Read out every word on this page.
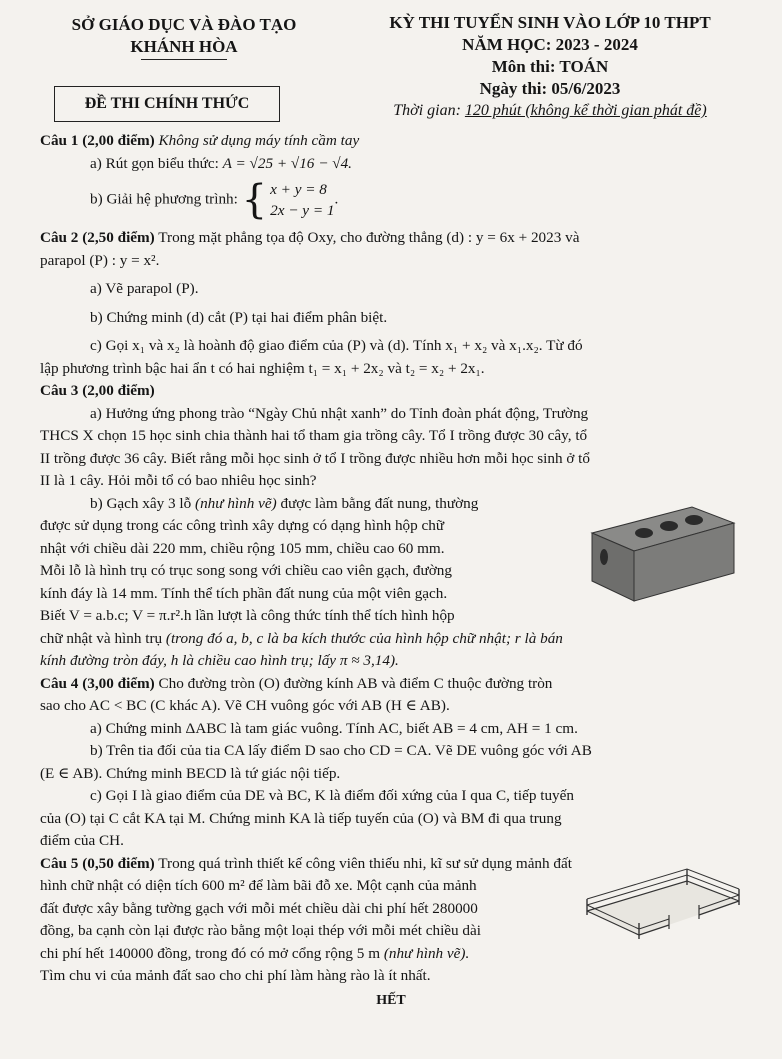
SỞ GIÁO DỤC VÀ ĐÀO TẠO
KHÁNH HÒA
ĐỀ THI CHÍNH THỨC
KỲ THI TUYỂN SINH VÀO LỚP 10 THPT
NĂM HỌC: 2023 - 2024
Môn thi: TOÁN
Ngày thi: 05/6/2023
Thời gian: 120 phút (không kể thời gian phát đề)

Câu 1 (2,00 điểm) Không sử dụng máy tính cầm tay

a) Rút gọn biểu thức: A = √25 + √16 − √4.

b) Giải hệ phương trình: { x + y = 8
2x − y = 1
.

Câu 2 (2,50 điểm) Trong mặt phẳng tọa độ Oxy, cho đường thẳng (d) : y = 6x + 2023 và

parapol (P) : y = x².

a) Vẽ parapol (P).

b) Chứng minh (d) cắt (P) tại hai điểm phân biệt.

c) Gọi x₁ và x₂ là hoành độ giao điểm của (P) và (d). Tính x₁ + x₂ và x₁.x₂. Từ đó

lập phương trình bậc hai ẩn t có hai nghiệm t₁ = x₁ + 2x₂ và t₂ = x₂ + 2x₁.

Câu 3 (2,00 điểm)

a) Hưởng ứng phong trào “Ngày Chủ nhật xanh” do Tỉnh đoàn phát động, Trường

THCS X chọn 15 học sinh chia thành hai tổ tham gia trồng cây. Tổ I trồng được 30 cây, tổ

II trồng được 36 cây. Biết rằng mỗi học sinh ở tổ I trồng được nhiều hơn mỗi học sinh ở tổ

II là 1 cây. Hỏi mỗi tổ có bao nhiêu học sinh?

b) Gạch xây 3 lỗ (như hình vẽ) được làm bằng đất nung, thường

được sử dụng trong các công trình xây dựng có dạng hình hộp chữ

nhật với chiều dài 220 mm, chiều rộng 105 mm, chiều cao 60 mm.

Mỗi lỗ là hình trụ có trục song song với chiều cao viên gạch, đường

kính đáy là 14 mm. Tính thể tích phần đất nung của một viên gạch.

Biết V = a.b.c; V = π.r².h lần lượt là công thức tính thể tích hình hộp

chữ nhật và hình trụ (trong đó a, b, c là ba kích thước của hình hộp chữ nhật; r là bán

kính đường tròn đáy, h là chiều cao hình trụ; lấy π ≈ 3,14).

Câu 4 (3,00 điểm) Cho đường tròn (O) đường kính AB và điểm C thuộc đường tròn

sao cho AC < BC (C khác A). Vẽ CH vuông góc với AB (H ∈ AB).

a) Chứng minh ΔABC là tam giác vuông. Tính AC, biết AB = 4 cm, AH = 1 cm.

b) Trên tia đối của tia CA lấy điểm D sao cho CD = CA. Vẽ DE vuông góc với AB

(E ∈ AB). Chứng minh BECD là tứ giác nội tiếp.

c) Gọi I là giao điểm của DE và BC, K là điểm đối xứng của I qua C, tiếp tuyến

của (O) tại C cắt KA tại M. Chứng minh KA là tiếp tuyến của (O) và BM đi qua trung

điểm của CH.

Câu 5 (0,50 điểm) Trong quá trình thiết kế công viên thiếu nhi, kĩ sư sử dụng mảnh đất

hình chữ nhật có diện tích 600 m² để làm bãi đỗ xe. Một cạnh của mảnh

đất được xây bằng tường gạch với mỗi mét chiều dài chi phí hết 280000

đồng, ba cạnh còn lại được rào bằng một loại thép với mỗi mét chiều dài

chi phí hết 140000 đồng, trong đó có mở cổng rộng 5 m (như hình vẽ).

Tìm chu vi của mảnh đất sao cho chi phí làm hàng rào là ít nhất.

HẾT
